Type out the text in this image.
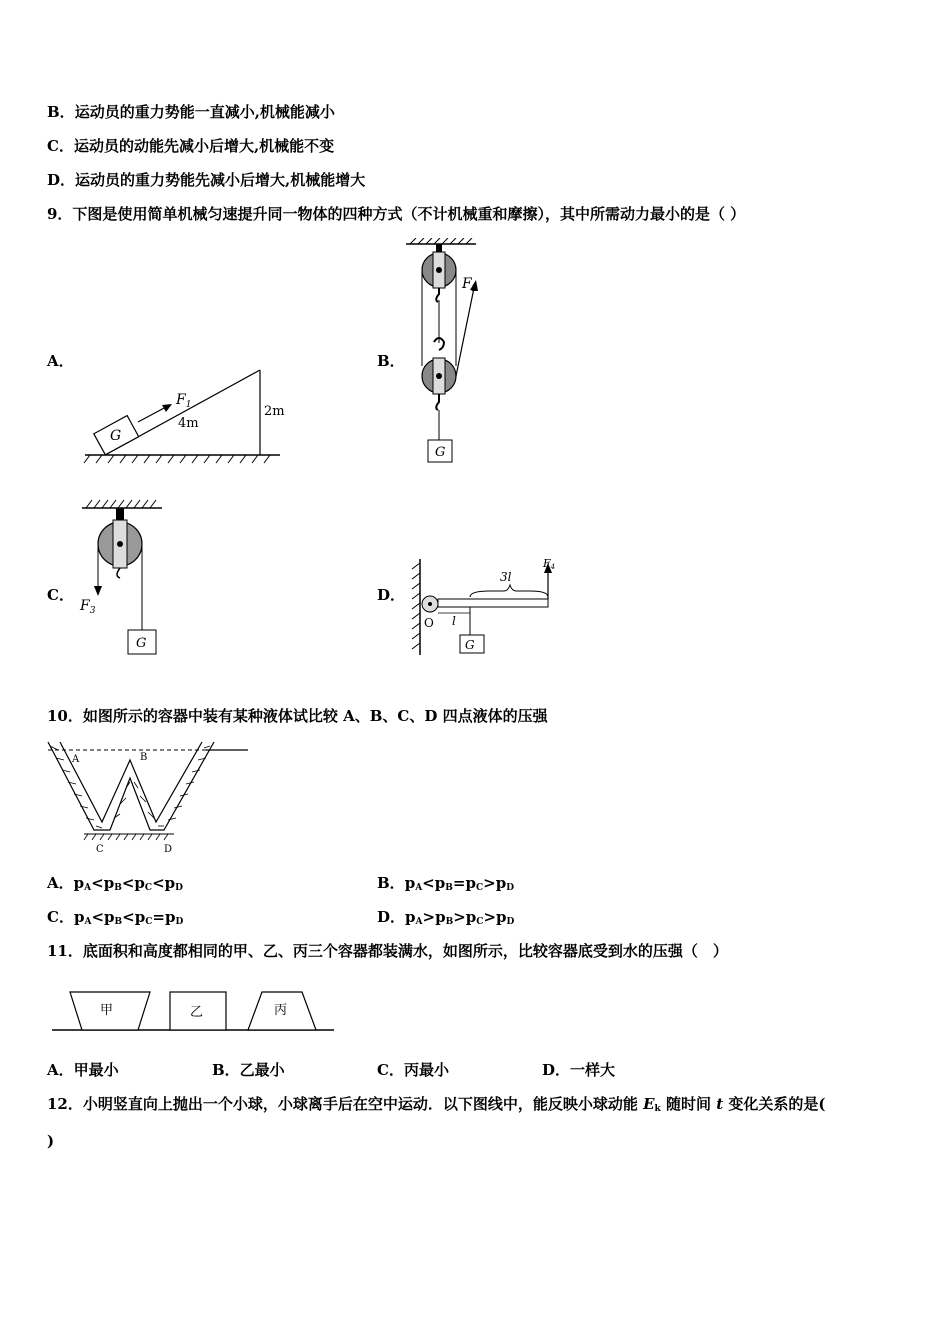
B．运动员的重力势能一直减小,机械能减小
C．运动员的动能先减小后增大,机械能不变
D．运动员的重力势能先减小后增大,机械能增大
9．下图是使用简单机械匀速提升同一物体的四种方式（不计机械重和摩擦），其中所需动力最小的是（ ）
A．	B．
C．	D．
G
$F_1$
4m
2m
$F_2$
G
$F_3$
G
O l
G
3l
F4
10．如图所示的容器中装有某种液体试比较 A、B、C、D 四点液体的压强
A	B
C	D
A．$p_A<p_B<p_C<p_D$	B．$p_A<p_B=p_C>p_D$
C．$p_A<p_B<p_C=p_D$	D．$p_A>p_B>p_C>p_D$
11．底面积和高度都相同的甲、乙、丙三个容器都装满水，如图所示，比较容器底受到水的压强（　）
甲	乙	丙
A．甲最小	B．乙最小	C．丙最小	D．一样大
12．小明竖直向上抛出一个小球，小球离手后在空中运动．以下图线中，能反映小球动能 $E_k$ 随时间 t 变化关系的是(
)
